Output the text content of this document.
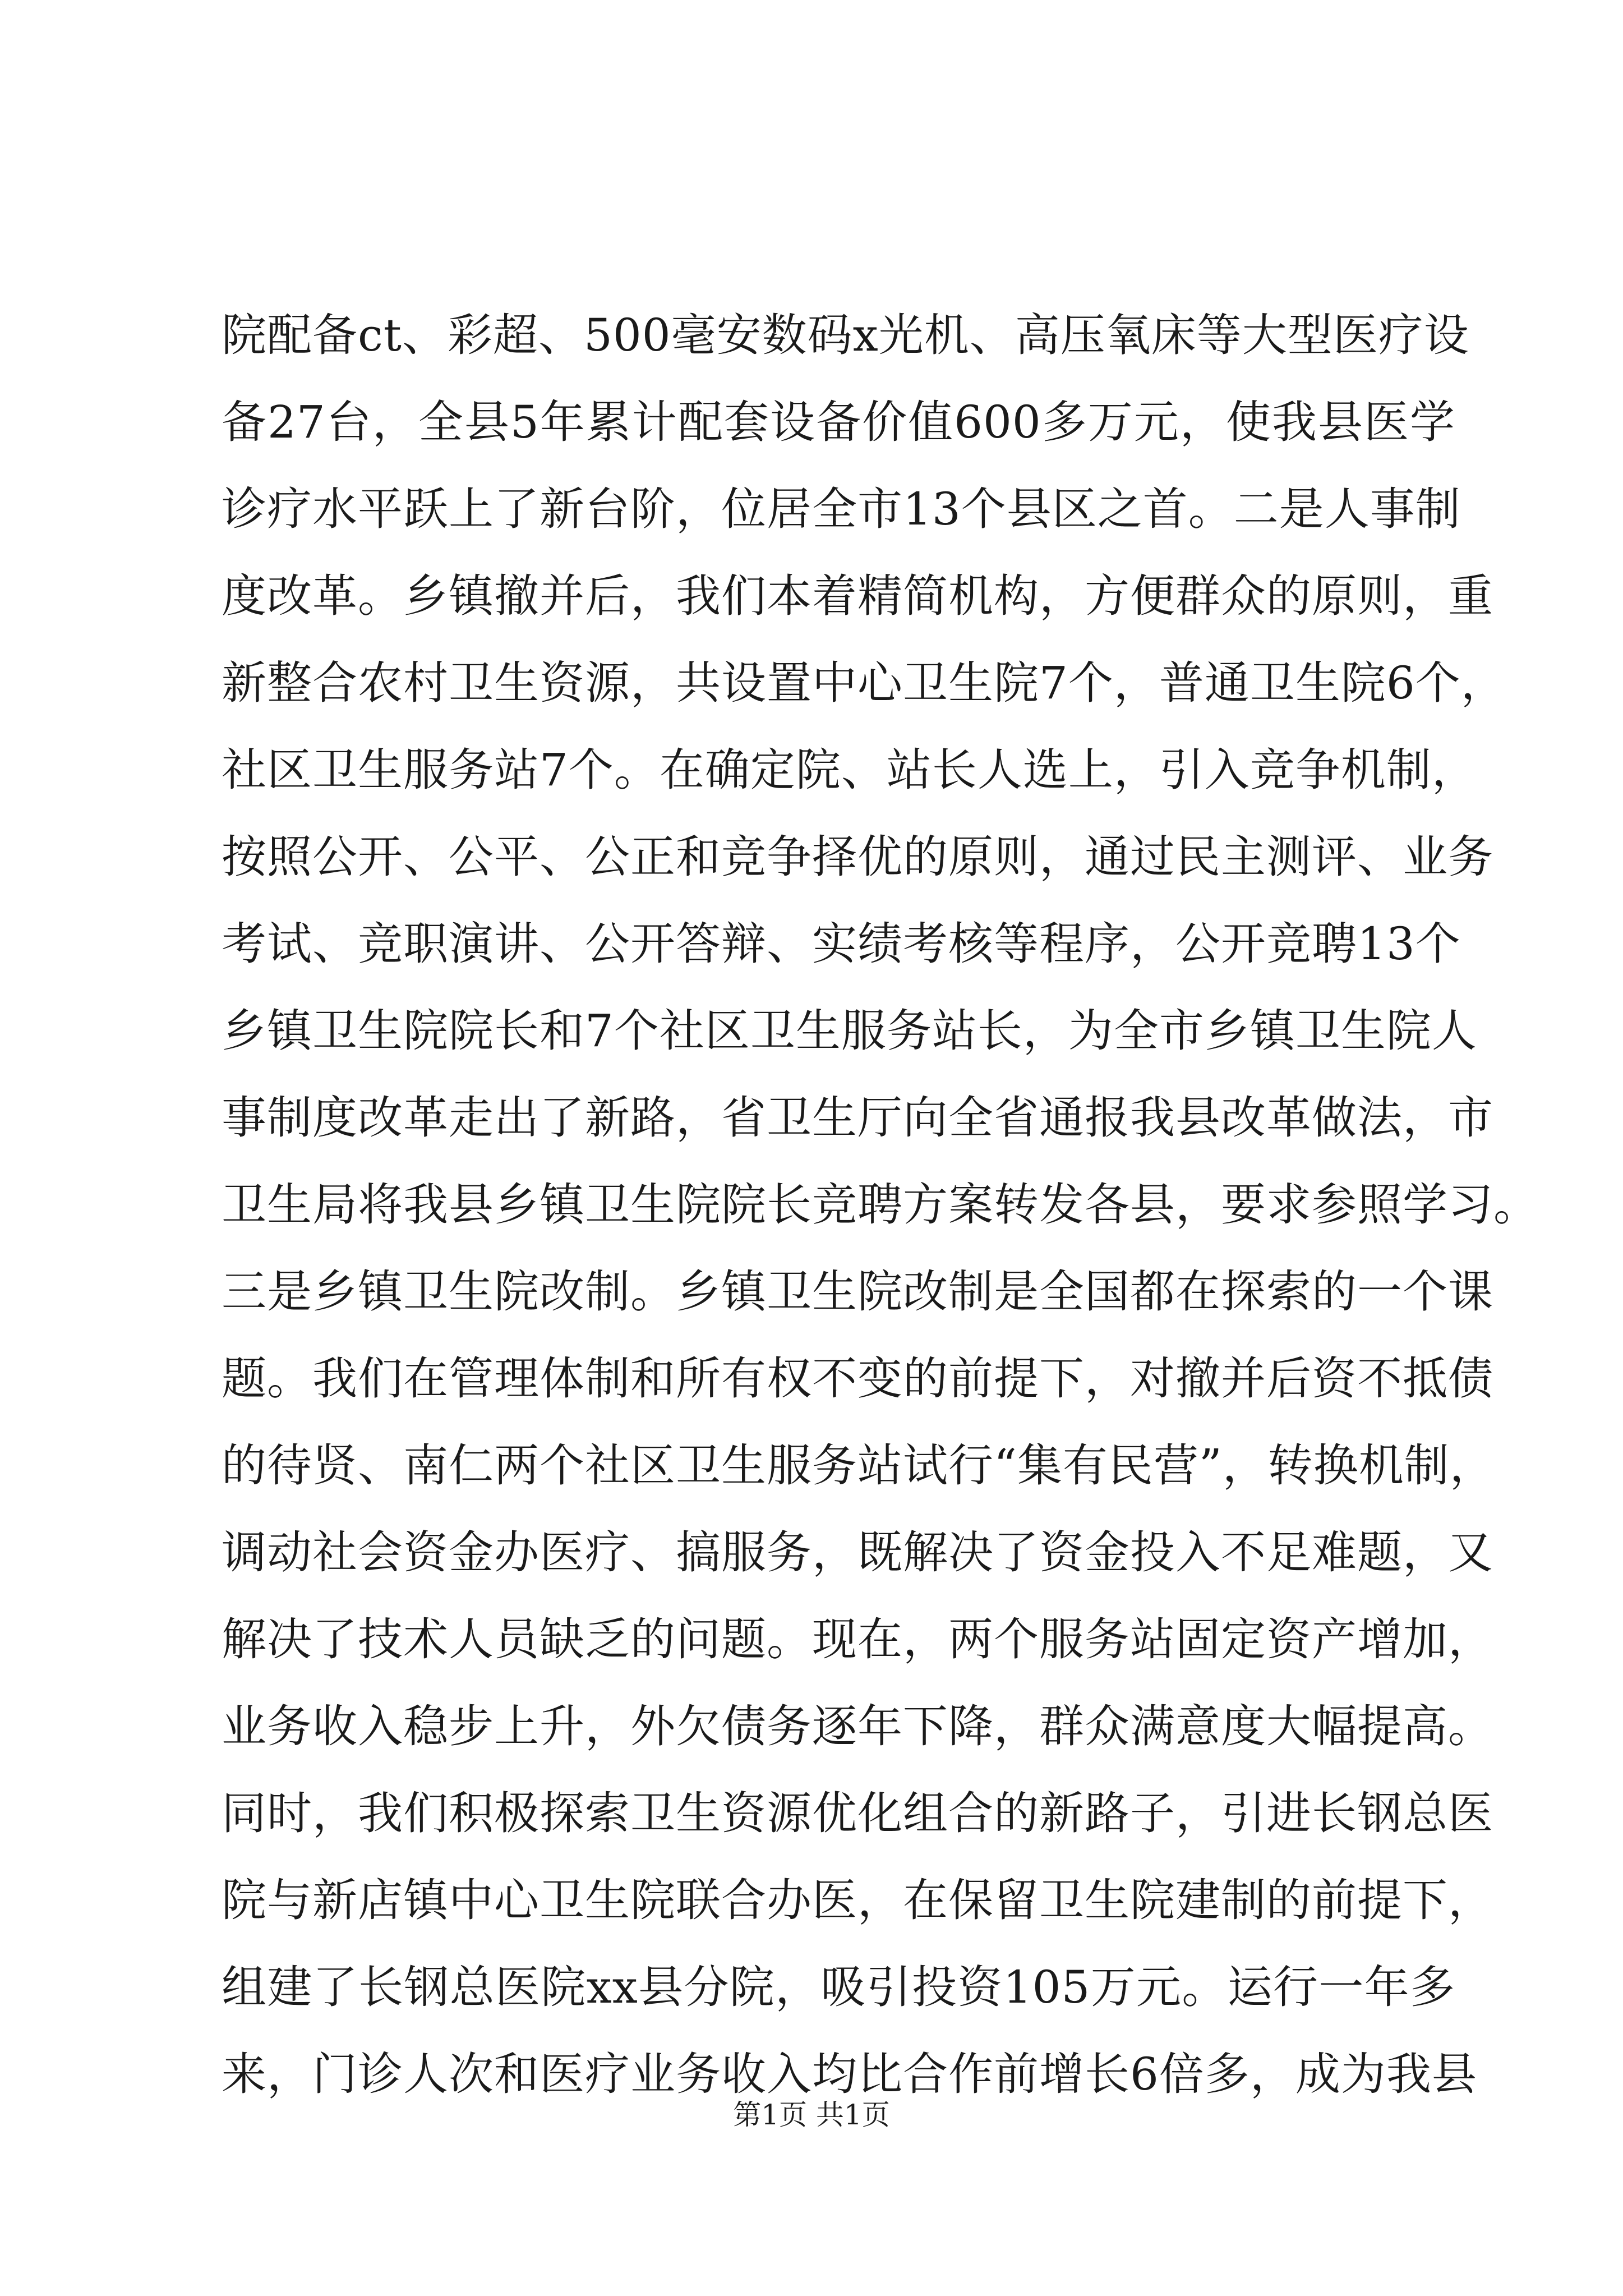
院配备ct、彩超、500毫安数码x光机、高压氧床等大型医疗设
备27台，全县5年累计配套设备价值600多万元，使我县医学
诊疗水平跃上了新台阶，位居全市13个县区之首。二是人事制
度改革。乡镇撤并后，我们本着精简机构，方便群众的原则，重
新整合农村卫生资源，共设置中心卫生院7个，普通卫生院6个，
社区卫生服务站7个。在确定院、站长人选上，引入竞争机制，
按照公开、公平、公正和竞争择优的原则，通过民主测评、业务
考试、竞职演讲、公开答辩、实绩考核等程序，公开竞聘13个
乡镇卫生院院长和7个社区卫生服务站长，为全市乡镇卫生院人
事制度改革走出了新路，省卫生厅向全省通报我县改革做法，市
卫生局将我县乡镇卫生院院长竞聘方案转发各县，要求参照学习。
三是乡镇卫生院改制。乡镇卫生院改制是全国都在探索的一个课
题。我们在管理体制和所有权不变的前提下，对撤并后资不抵债
的待贤、南仁两个社区卫生服务站试行“集有民营”，转换机制，
调动社会资金办医疗、搞服务，既解决了资金投入不足难题，又
解决了技术人员缺乏的问题。现在，两个服务站固定资产增加，
业务收入稳步上升，外欠债务逐年下降，群众满意度大幅提高。
同时，我们积极探索卫生资源优化组合的新路子，引进长钢总医
院与新店镇中心卫生院联合办医，在保留卫生院建制的前提下，
组建了长钢总医院xx县分院，吸引投资105万元。运行一年多
来，门诊人次和医疗业务收入均比合作前增长6倍多，成为我县
第1页 共1页
